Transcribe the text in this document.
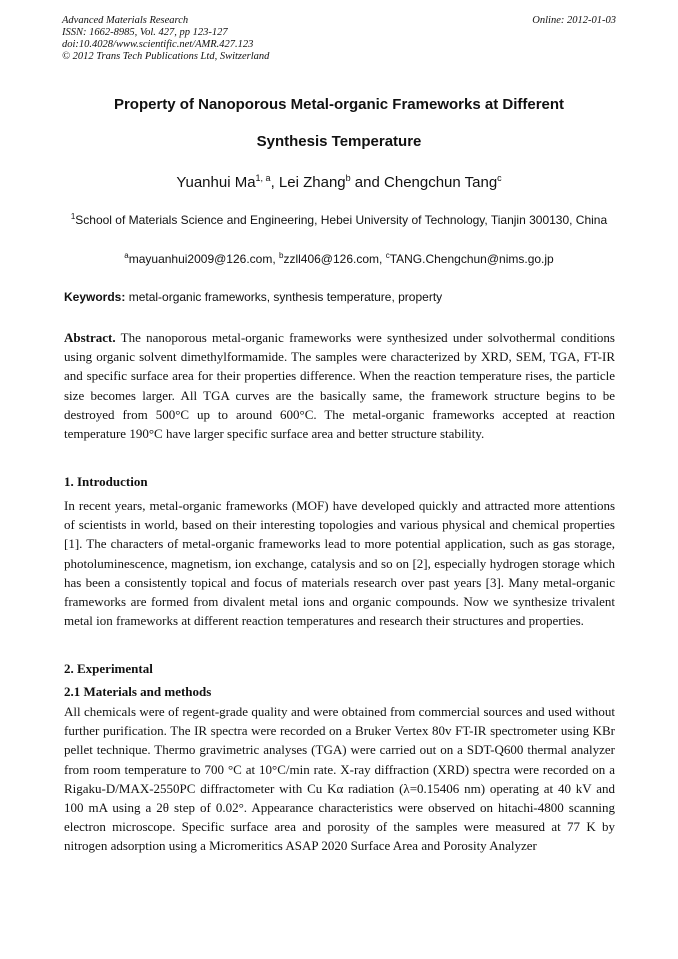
Advanced Materials Research
ISSN: 1662-8985, Vol. 427, pp 123-127
doi:10.4028/www.scientific.net/AMR.427.123
© 2012 Trans Tech Publications Ltd, Switzerland
Online: 2012-01-03
Property of Nanoporous Metal-organic Frameworks at Different
Synthesis Temperature
Yuanhui Ma$^{1, a}$, Lei Zhang$^b$ and Chengchun Tang$^c$
$^1$School of Materials Science and Engineering, Hebei University of Technology, Tianjin 300130, China
$^a$mayuanhui2009@126.com, $^b$zzll406@126.com, $^c$TANG.Chengchun@nims.go.jp
Keywords: metal-organic frameworks, synthesis temperature, property
Abstract. The nanoporous metal-organic frameworks were synthesized under solvothermal conditions using organic solvent dimethylformamide. The samples were characterized by XRD, SEM, TGA, FT-IR and specific surface area for their properties difference. When the reaction temperature rises, the particle size becomes larger. All TGA curves are the basically same, the framework structure begins to be destroyed from 500°C up to around 600°C. The metal-organic frameworks accepted at reaction temperature 190°C have larger specific surface area and better structure stability.
1. Introduction
In recent years, metal-organic frameworks (MOF) have developed quickly and attracted more attentions of scientists in world, based on their interesting topologies and various physical and chemical properties [1]. The characters of metal-organic frameworks lead to more potential application, such as gas storage, photoluminescence, magnetism, ion exchange, catalysis and so on [2], especially hydrogen storage which has been a consistently topical and focus of materials research over past years [3]. Many metal-organic frameworks are formed from divalent metal ions and organic compounds. Now we synthesize trivalent metal ion frameworks at different reaction temperatures and research their structures and properties.
2. Experimental
2.1 Materials and methods
All chemicals were of regent-grade quality and were obtained from commercial sources and used without further purification. The IR spectra were recorded on a Bruker Vertex 80v FT-IR spectrometer using KBr pellet technique. Thermo gravimetric analyses (TGA) were carried out on a SDT-Q600 thermal analyzer from room temperature to 700 °C at 10°C/min rate. X-ray diffraction (XRD) spectra were recorded on a Rigaku-D/MAX-2550PC diffractometer with Cu Kα radiation (λ=0.15406 nm) operating at 40 kV and 100 mA using a 2θ step of 0.02°. Appearance characteristics were observed on hitachi-4800 scanning electron microscope. Specific surface area and porosity of the samples were measured at 77 K by nitrogen adsorption using a Micromeritics ASAP 2020 Surface Area and Porosity Analyzer
